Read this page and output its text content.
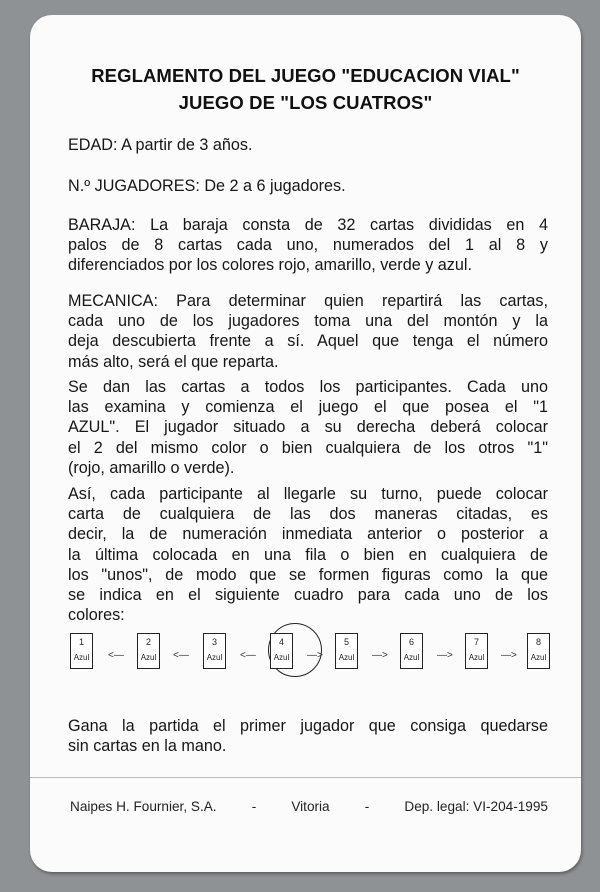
REGLAMENTO DEL JUEGO "EDUCACION VIAL"
JUEGO DE "LOS CUATROS"
EDAD: A partir de 3 años.
N.º JUGADORES: De 2 a 6 jugadores.
BARAJA: La baraja consta de 32 cartas divididas en 4
palos de 8 cartas cada uno, numerados del 1 al 8 y
diferenciados por los colores rojo, amarillo, verde y azul.
MECANICA: Para determinar quien repartirá las cartas,
cada uno de los jugadores toma una del montón y la
deja descubierta frente a sí. Aquel que tenga el número
más alto, será el que reparta.
Se dan las cartas a todos los participantes. Cada uno
las examina y comienza el juego el que posea el "1
AZUL". El jugador situado a su derecha deberá colocar
el 2 del mismo color o bien cualquiera de los otros "1"
(rojo, amarillo o verde).
Así, cada participante al llegarle su turno, puede colocar
carta de cualquiera de las dos maneras citadas, es
decir, la de numeración inmediata anterior o posterior a
la última colocada en una fila o bien en cualquiera de
los "unos", de modo que se formen figuras como la que
se indica en el siguiente cuadro para cada uno de los
colores:
1
Azul <—
2
Azul <—
3
Azul <—
4
Azul —>
5
Azul —>
6
Azul —>
7
Azul —>
8
Azul
Gana la partida el primer jugador que consiga quedarse
sin cartas en la mano.
Naipes H. Fournier, S.A.	-	Vitoria	-	Dep. legal: VI-204-1995
